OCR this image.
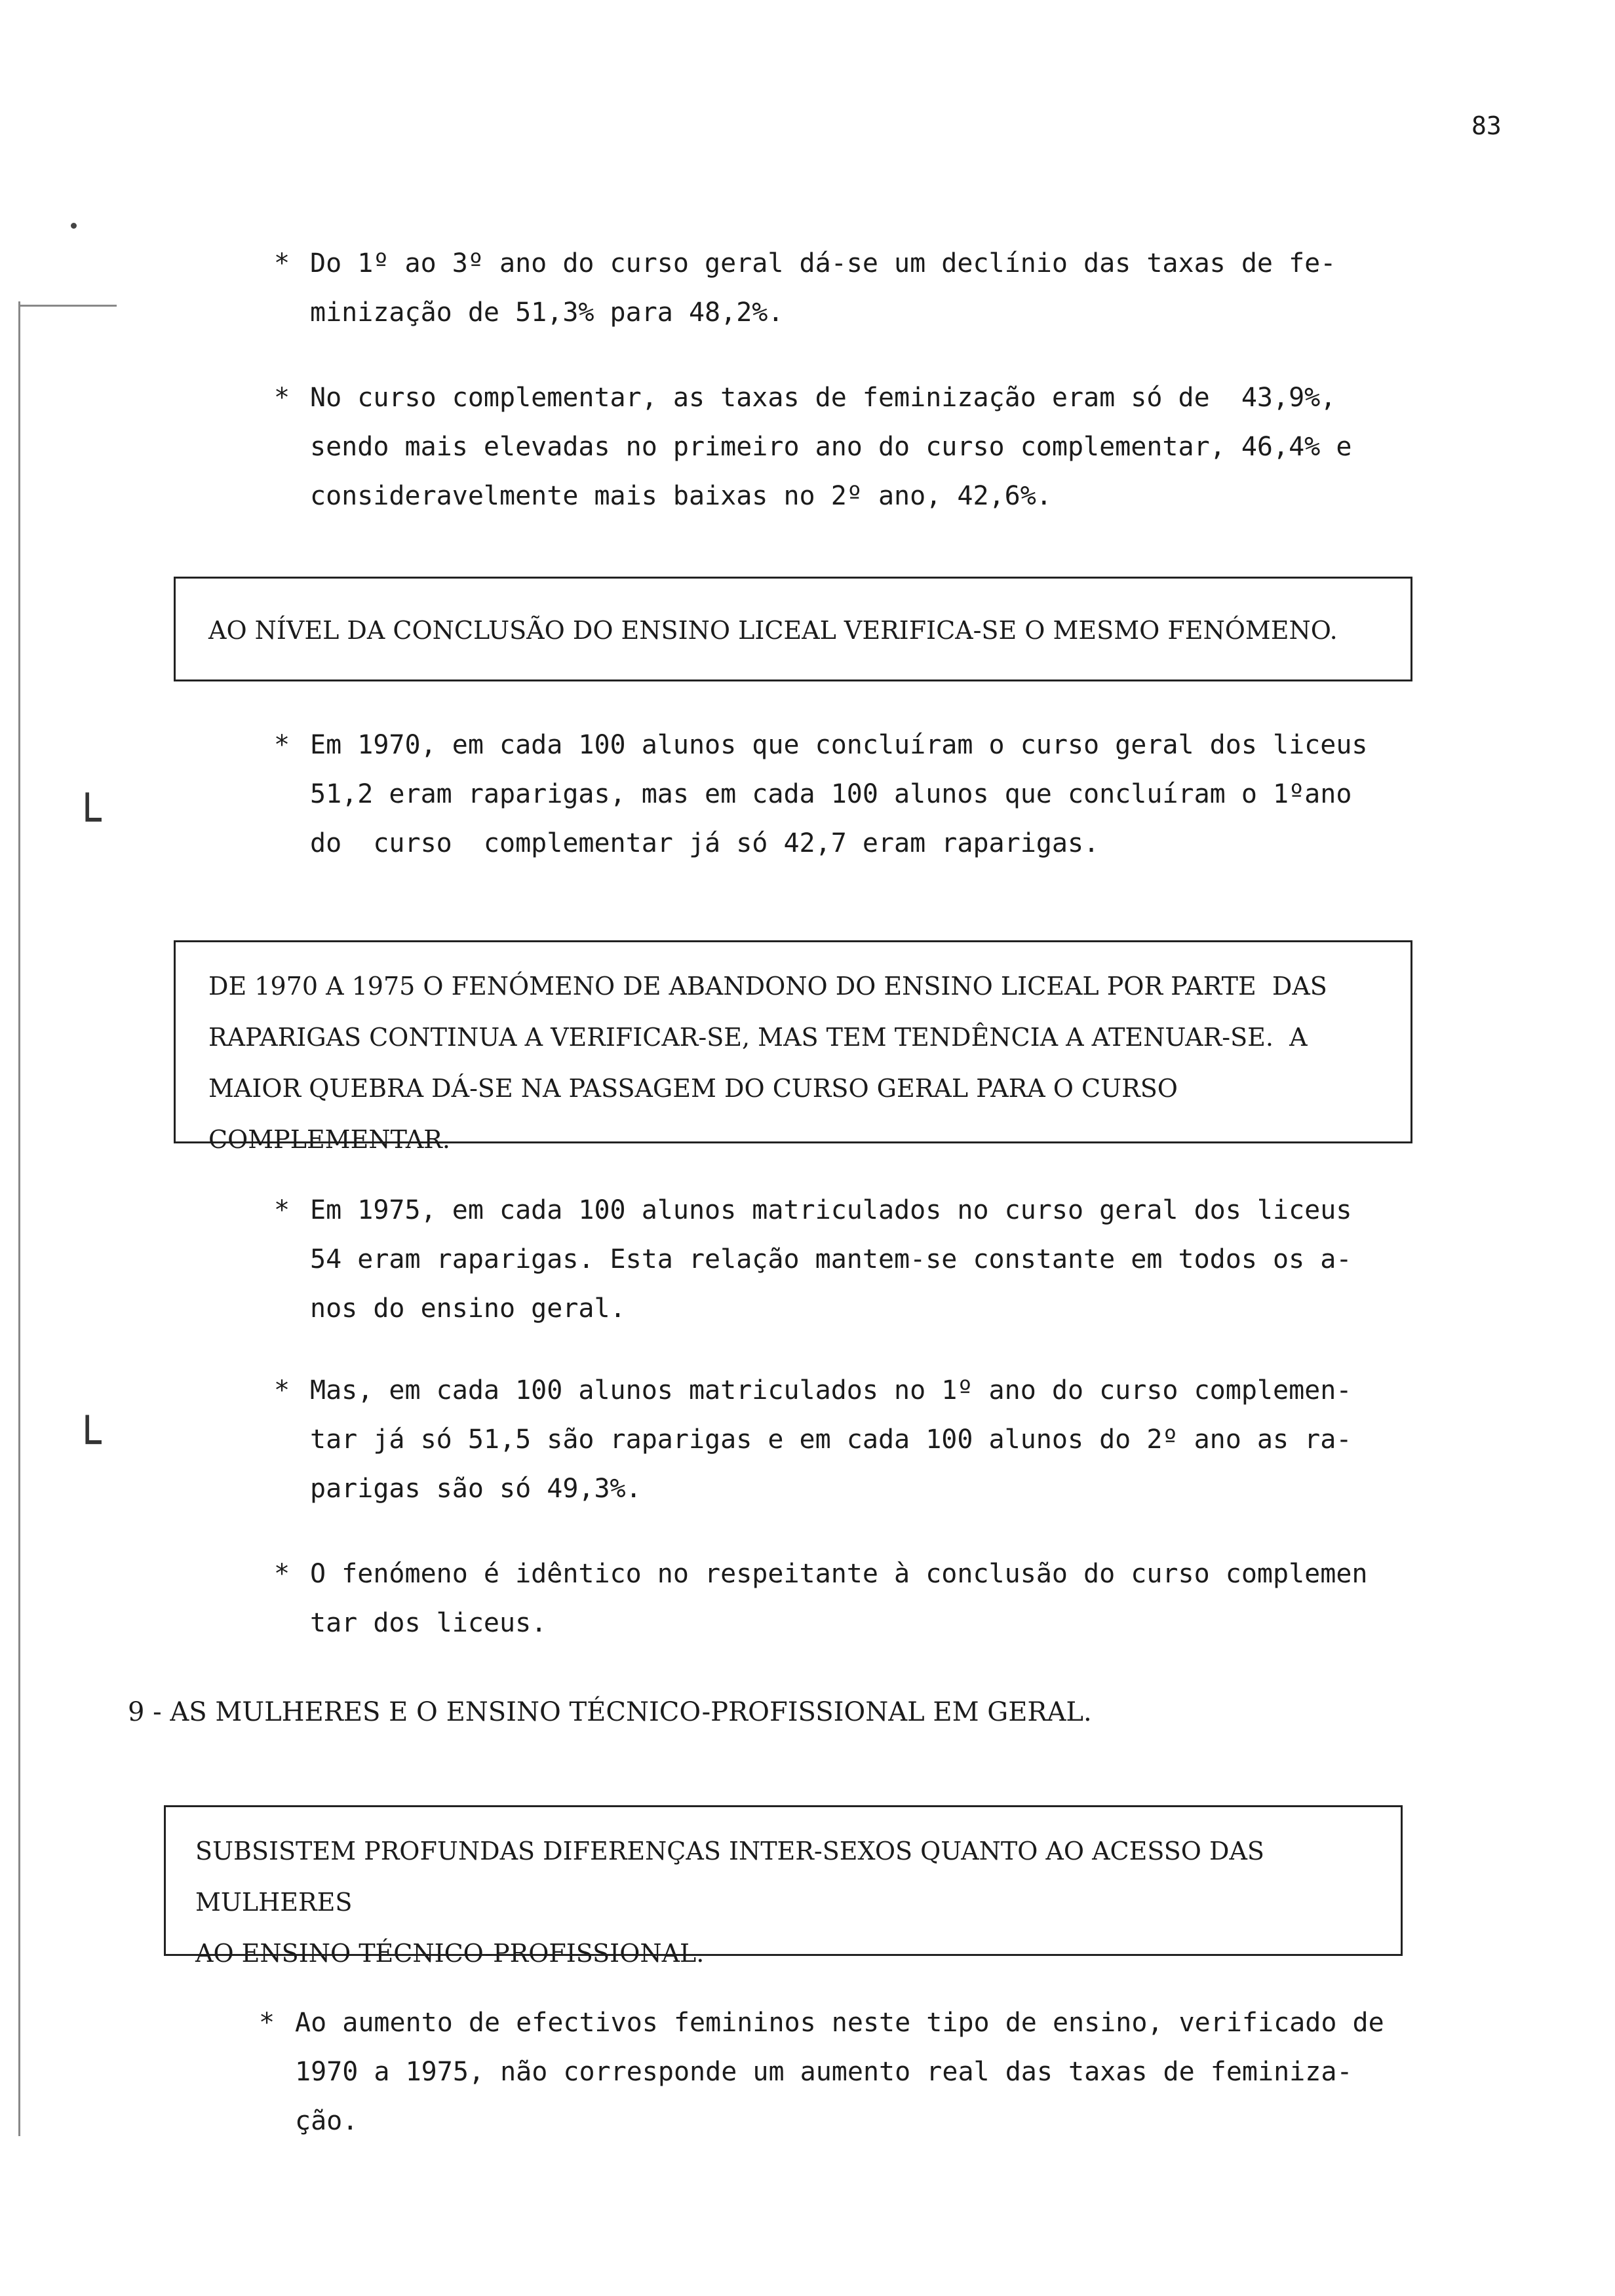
83
└
└
* Do 1º ao 3º ano do curso geral dá-se um declínio das taxas de fe-
minização de 51,3% para 48,2%.
* No curso complementar, as taxas de feminização eram só de  43,9%,
sendo mais elevadas no primeiro ano do curso complementar, 46,4% e
consideravelmente mais baixas no 2º ano, 42,6%.
AO NÍVEL DA CONCLUSÃO DO ENSINO LICEAL VERIFICA-SE O MESMO FENÓMENO.
* Em 1970, em cada 100 alunos que concluíram o curso geral dos liceus
51,2 eram raparigas, mas em cada 100 alunos que concluíram o 1ºano
do  curso  complementar já só 42,7 eram raparigas.
DE 1970 A 1975 O FENÓMENO DE ABANDONO DO ENSINO LICEAL POR PARTE  DAS
RAPARIGAS CONTINUA A VERIFICAR-SE, MAS TEM TENDÊNCIA A ATENUAR-SE.  A
MAIOR QUEBRA DÁ-SE NA PASSAGEM DO CURSO GERAL PARA O CURSO COMPLEMENTAR.
* Em 1975, em cada 100 alunos matriculados no curso geral dos liceus
54 eram raparigas. Esta relação mantem-se constante em todos os a-
nos do ensino geral.
* Mas, em cada 100 alunos matriculados no 1º ano do curso complemen-
tar já só 51,5 são raparigas e em cada 100 alunos do 2º ano as ra-
parigas são só 49,3%.
* O fenómeno é idêntico no respeitante à conclusão do curso complemen
tar dos liceus.
9 - AS MULHERES E O ENSINO TÉCNICO-PROFISSIONAL EM GERAL.
SUBSISTEM PROFUNDAS DIFERENÇAS INTER-SEXOS QUANTO AO ACESSO DAS MULHERES
AO ENSINO TÉCNICO-PROFISSIONAL.
* Ao aumento de efectivos femininos neste tipo de ensino, verificado de
1970 a 1975, não corresponde um aumento real das taxas de feminiza-
ção.
